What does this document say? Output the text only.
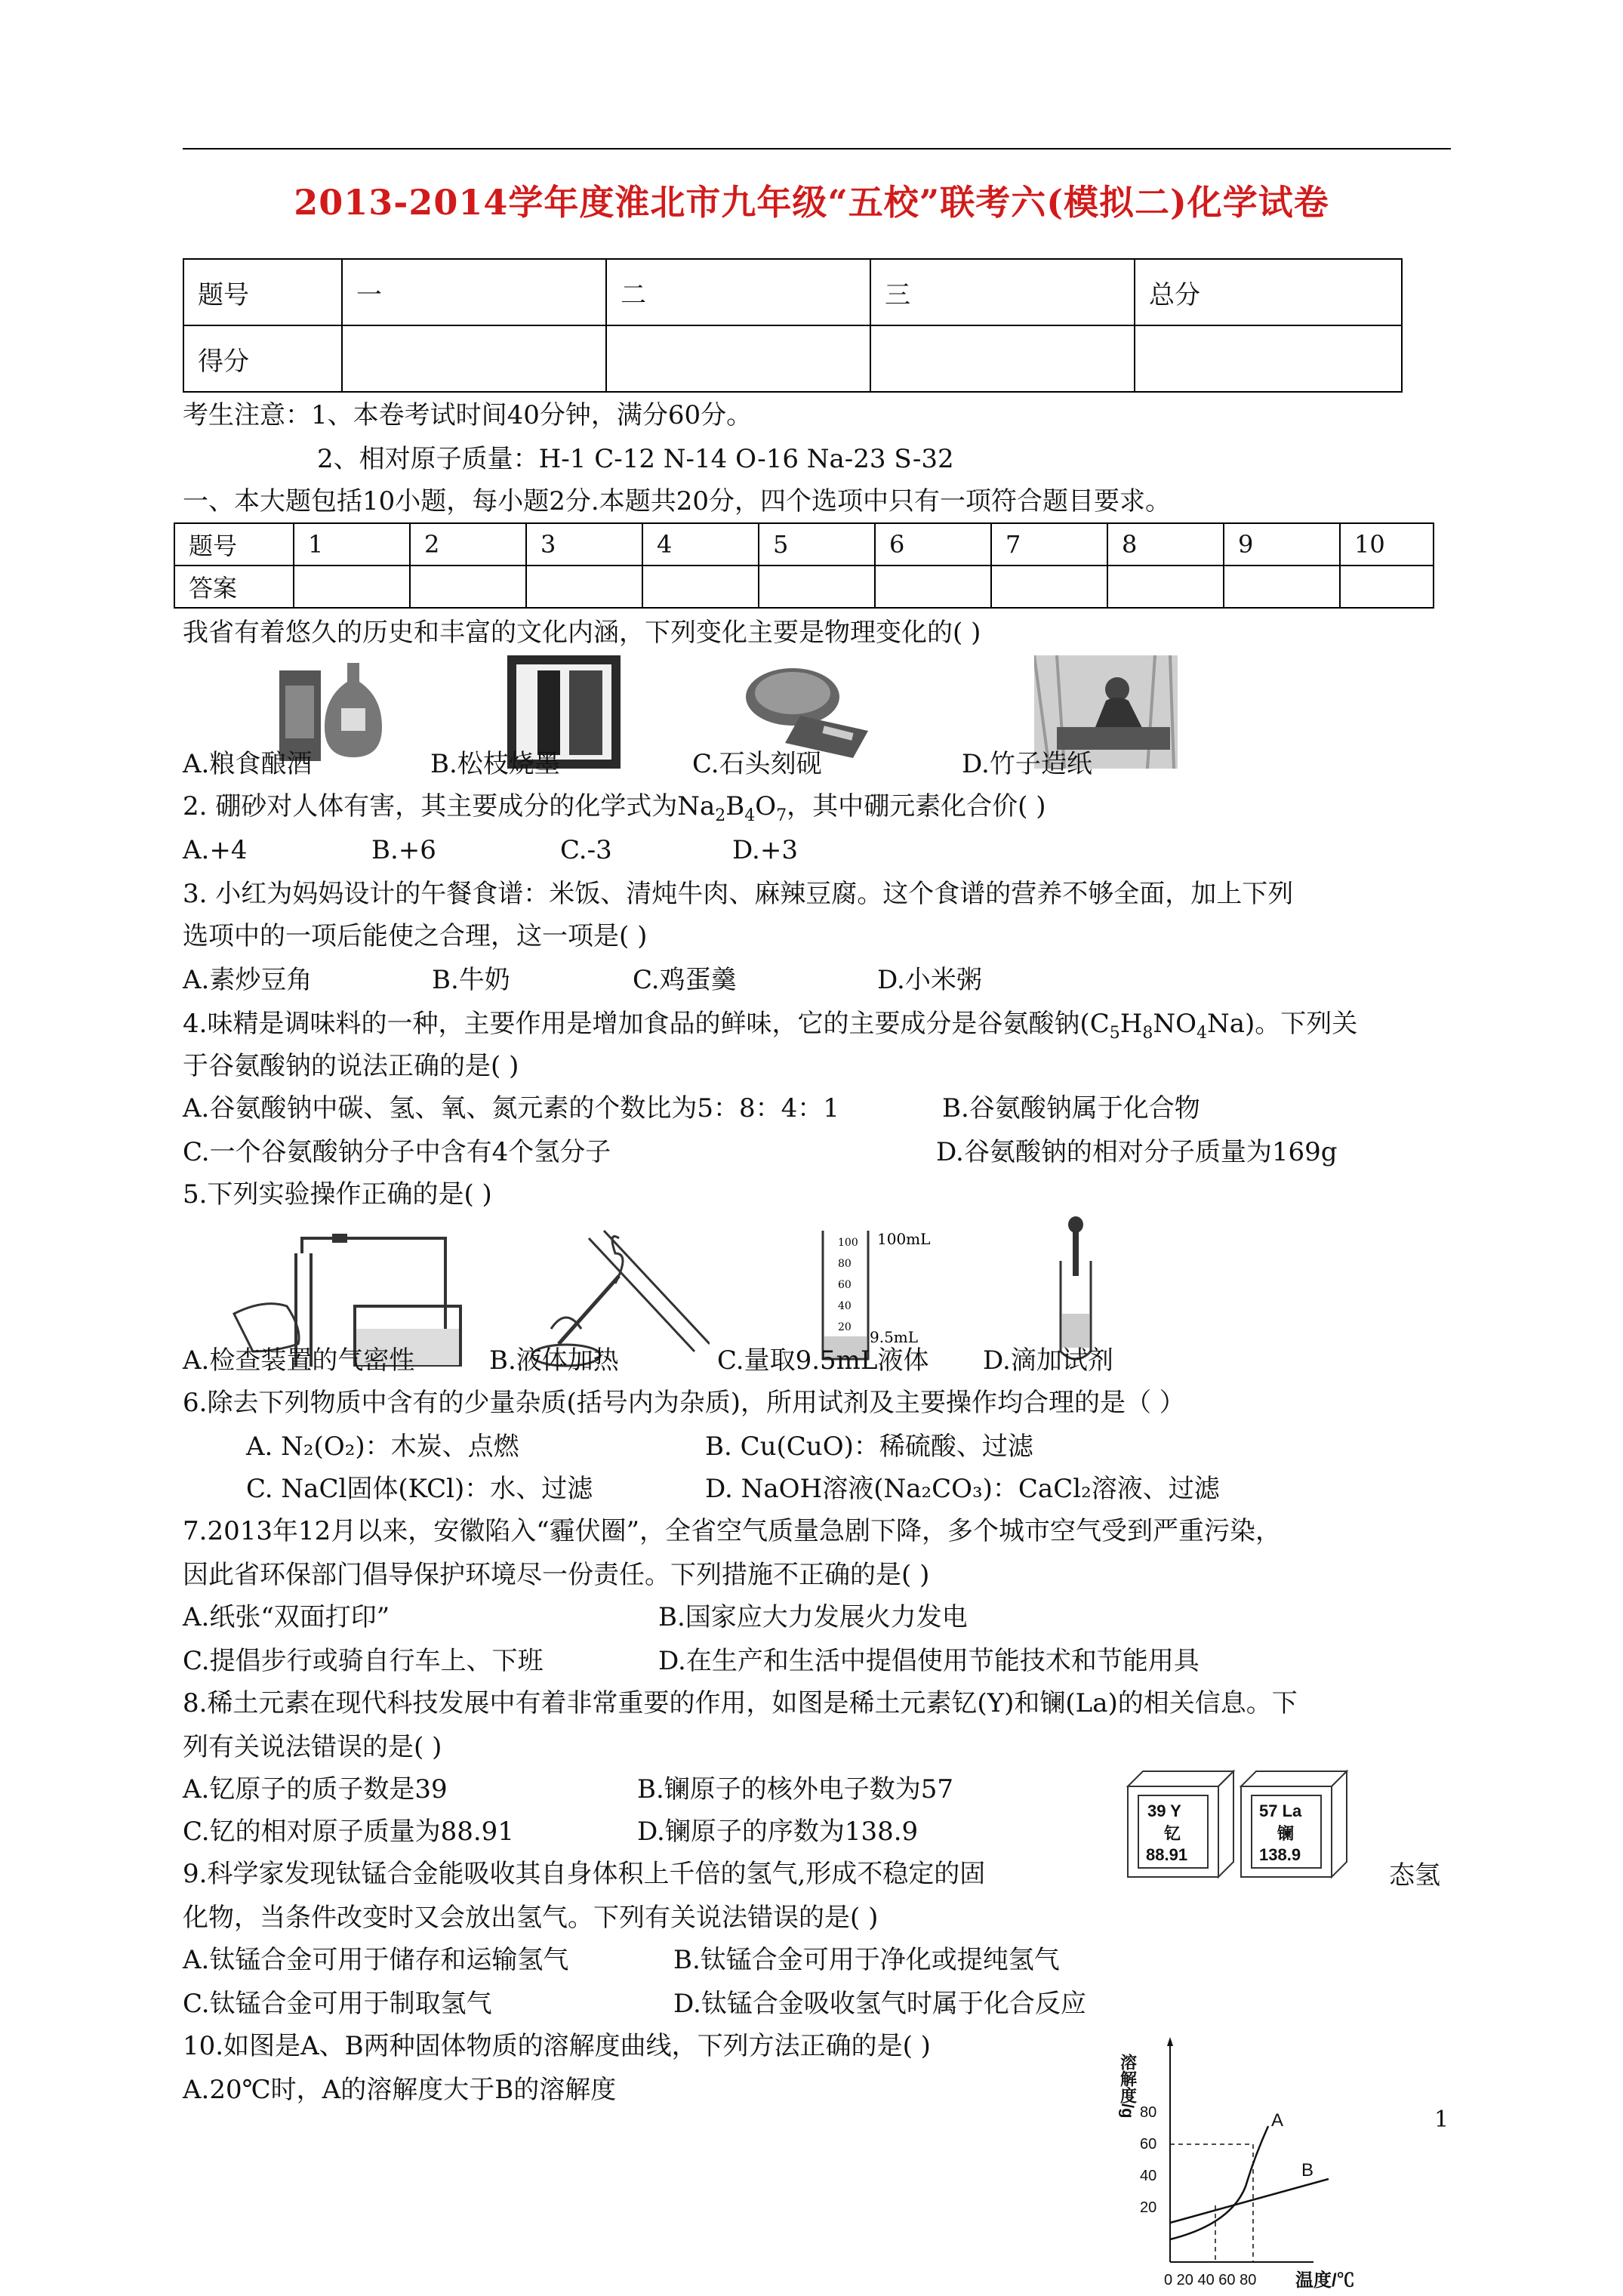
2013-2014学年度淮北市九年级“五校”联考六(模拟二)化学试卷
题号	一	二	三	总分
得分				
考生注意：1、本卷考试时间40分钟，满分60分。
2、相对原子质量：H-1 C-12 N-14 O-16 Na-23 S-32
一、本大题包括10小题，每小题2分.本题共20分，四个选项中只有一项符合题目要求。
题号	1	2	3	4	5	6	7	8	9	10
答案										
我省有着悠久的历史和丰富的文化内涵，下列变化主要是物理变化的( )
A.粮食酿酒	B.松枝烧墨	C.石头刻砚	D.竹子造纸
2. 硼砂对人体有害，其主要成分的化学式为$Na_2B_4O_7$，其中硼元素化合价( )
A.+4	B.+6	C.-3	D.+3
3. 小红为妈妈设计的午餐食谱：米饭、清炖牛肉、麻辣豆腐。这个食谱的营养不够全面，加上下列
选项中的一项后能使之合理，这一项是( )
A.素炒豆角	B.牛奶	C.鸡蛋羹	D.小米粥
4.味精是调味料的一种，主要作用是增加食品的鲜味，它的主要成分是谷氨酸钠$(C_5H_8NO_4Na)$。下列关
于谷氨酸钠的说法正确的是( )
A.谷氨酸钠中碳、氢、氧、氮元素的个数比为5：8：4：1	B.谷氨酸钠属于化合物
C.一个谷氨酸钠分子中含有4个氢分子	D.谷氨酸钠的相对分子质量为169g
5.下列实验操作正确的是( )
100
80
60
40
20
100mL
9.5mL
A.检查装置的气密性	B.液体加热	C.量取9.5mL液体 D.滴加试剂
6.除去下列物质中含有的少量杂质(括号内为杂质)，所用试剂及主要操作均合理的是（ ）
A. N₂(O₂)：木炭、点燃	B. Cu(CuO)：稀硫酸、过滤
C. NaCl固体(KCl)：水、过滤	D. NaOH溶液(Na₂CO₃)：CaCl₂溶液、过滤
7.2013年12月以来，安徽陷入“霾伏圈”，全省空气质量急剧下降，多个城市空气受到严重污染，
因此省环保部门倡导保护环境尽一份责任。下列措施不正确的是( )
A.纸张“双面打印”	B.国家应大力发展火力发电
C.提倡步行或骑自行车上、下班	D.在生产和生活中提倡使用节能技术和节能用具
8.稀土元素在现代科技发展中有着非常重要的作用，如图是稀土元素钇(Y)和镧(La)的相关信息。下
列有关说法错误的是( )
A.钇原子的质子数是39	B.镧原子的核外电子数为57
C.钇的相对原子质量为88.91	D.镧原子的序数为138.9
39 Y
钇
88.91
57 La
镧
138.9
9.科学家发现钛锰合金能吸收其自身体积上千倍的氢气,形成不稳定的固	态氢
化物，当条件改变时又会放出氢气。下列有关说法错误的是( )
A.钛锰合金可用于储存和运输氢气	B.钛锰合金可用于净化或提纯氢气
C.钛锰合金可用于制取氢气	D.钛锰合金吸收氢气时属于化合反应
10.如图是A、B两种固体物质的溶解度曲线，下列方法正确的是( )
A.20℃时，A的溶解度大于B的溶解度	溶解度/g 80
60
40
20
0 20 40 60 80 温度/℃
A
B
1
